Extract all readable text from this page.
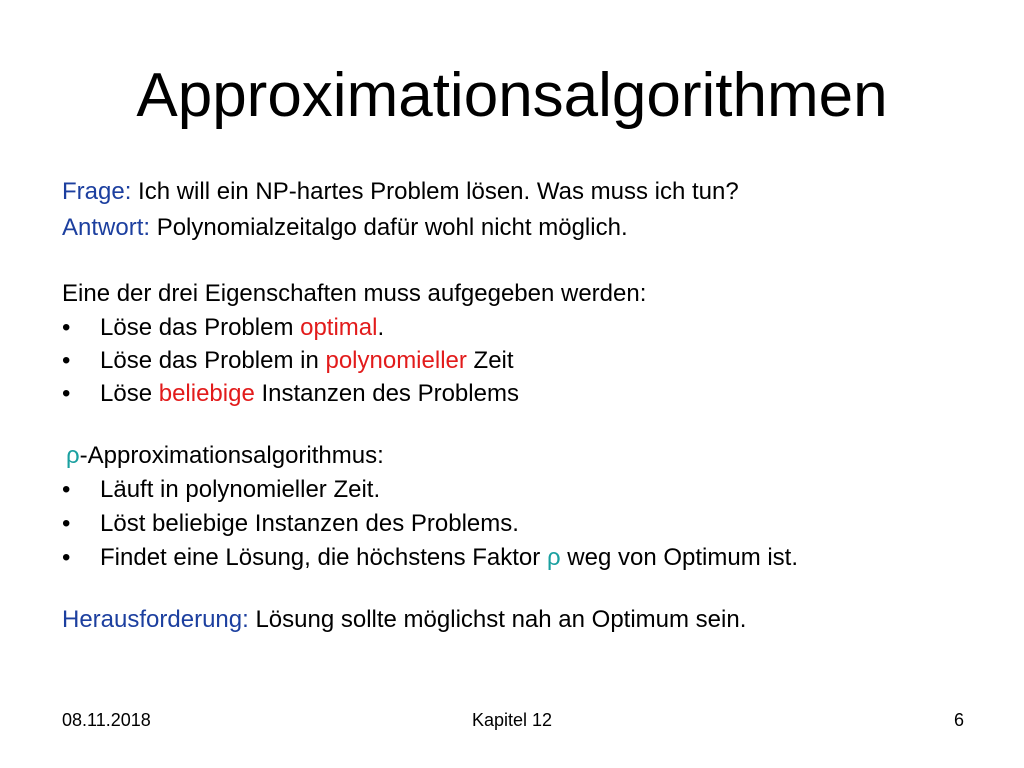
Approximationsalgorithmen
Frage: Ich will ein NP-hartes Problem lösen. Was muss ich tun?
Antwort: Polynomialzeitalgo dafür wohl nicht möglich.
Eine der drei Eigenschaften muss aufgegeben werden:
• Löse das Problem optimal.
• Löse das Problem in polynomieller Zeit
• Löse beliebige Instanzen des Problems
ρ-Approximationsalgorithmus:
• Läuft in polynomieller Zeit.
• Löst beliebige Instanzen des Problems.
• Findet eine Lösung, die höchstens Faktor ρ weg von Optimum ist.
Herausforderung: Lösung sollte möglichst nah an Optimum sein.
08.11.2018	Kapitel 12	6
